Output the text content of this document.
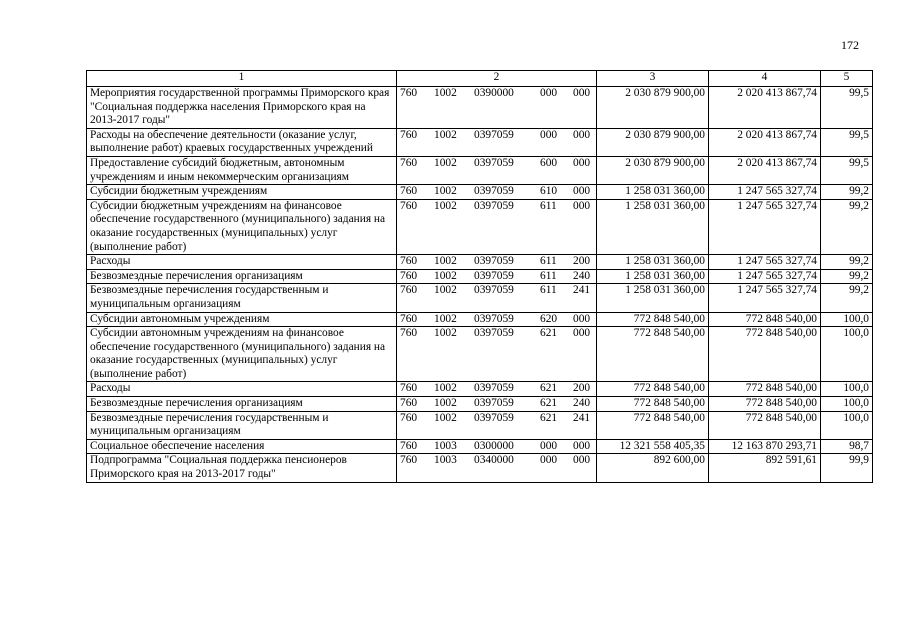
172
1	2	3	4	5
Мероприятия государственной программы Приморского края "Социальная поддержка населения Приморского края на 2013-2017 годы"	760 1002 0390000 000 000	2 030 879 900,00	2 020 413 867,74	99,5
Расходы на обеспечение деятельности (оказание услуг, выполнение работ) краевых государственных учреждений	760 1002 0397059 000 000	2 030 879 900,00	2 020 413 867,74	99,5
Предоставление субсидий бюджетным, автономным учреждениям и иным некоммерческим организациям	760 1002 0397059 600 000	2 030 879 900,00	2 020 413 867,74	99,5
Субсидии бюджетным учреждениям	760 1002 0397059 610 000	1 258 031 360,00	1 247 565 327,74	99,2
Субсидии бюджетным учреждениям на финансовое обеспечение государственного (муниципального) задания на оказание государственных (муниципальных) услуг (выполнение работ)	760 1002 0397059 611 000	1 258 031 360,00	1 247 565 327,74	99,2
Расходы	760 1002 0397059 611 200	1 258 031 360,00	1 247 565 327,74	99,2
Безвозмездные перечисления организациям	760 1002 0397059 611 240	1 258 031 360,00	1 247 565 327,74	99,2
Безвозмездные перечисления государственным и муниципальным организациям	760 1002 0397059 611 241	1 258 031 360,00	1 247 565 327,74	99,2
Субсидии автономным учреждениям	760 1002 0397059 620 000	772 848 540,00	772 848 540,00	100,0
Субсидии автономным учреждениям на финансовое обеспечение государственного (муниципального) задания на оказание государственных (муниципальных) услуг (выполнение работ)	760 1002 0397059 621 000	772 848 540,00	772 848 540,00	100,0
Расходы	760 1002 0397059 621 200	772 848 540,00	772 848 540,00	100,0
Безвозмездные перечисления организациям	760 1002 0397059 621 240	772 848 540,00	772 848 540,00	100,0
Безвозмездные перечисления государственным и муниципальным организациям	760 1002 0397059 621 241	772 848 540,00	772 848 540,00	100,0
Социальное обеспечение населения	760 1003 0300000 000 000	12 321 558 405,35	12 163 870 293,71	98,7
Подпрограмма "Социальная поддержка пенсионеров Приморского края на 2013-2017 годы"	760 1003 0340000 000 000	892 600,00	892 591,61	99,9
